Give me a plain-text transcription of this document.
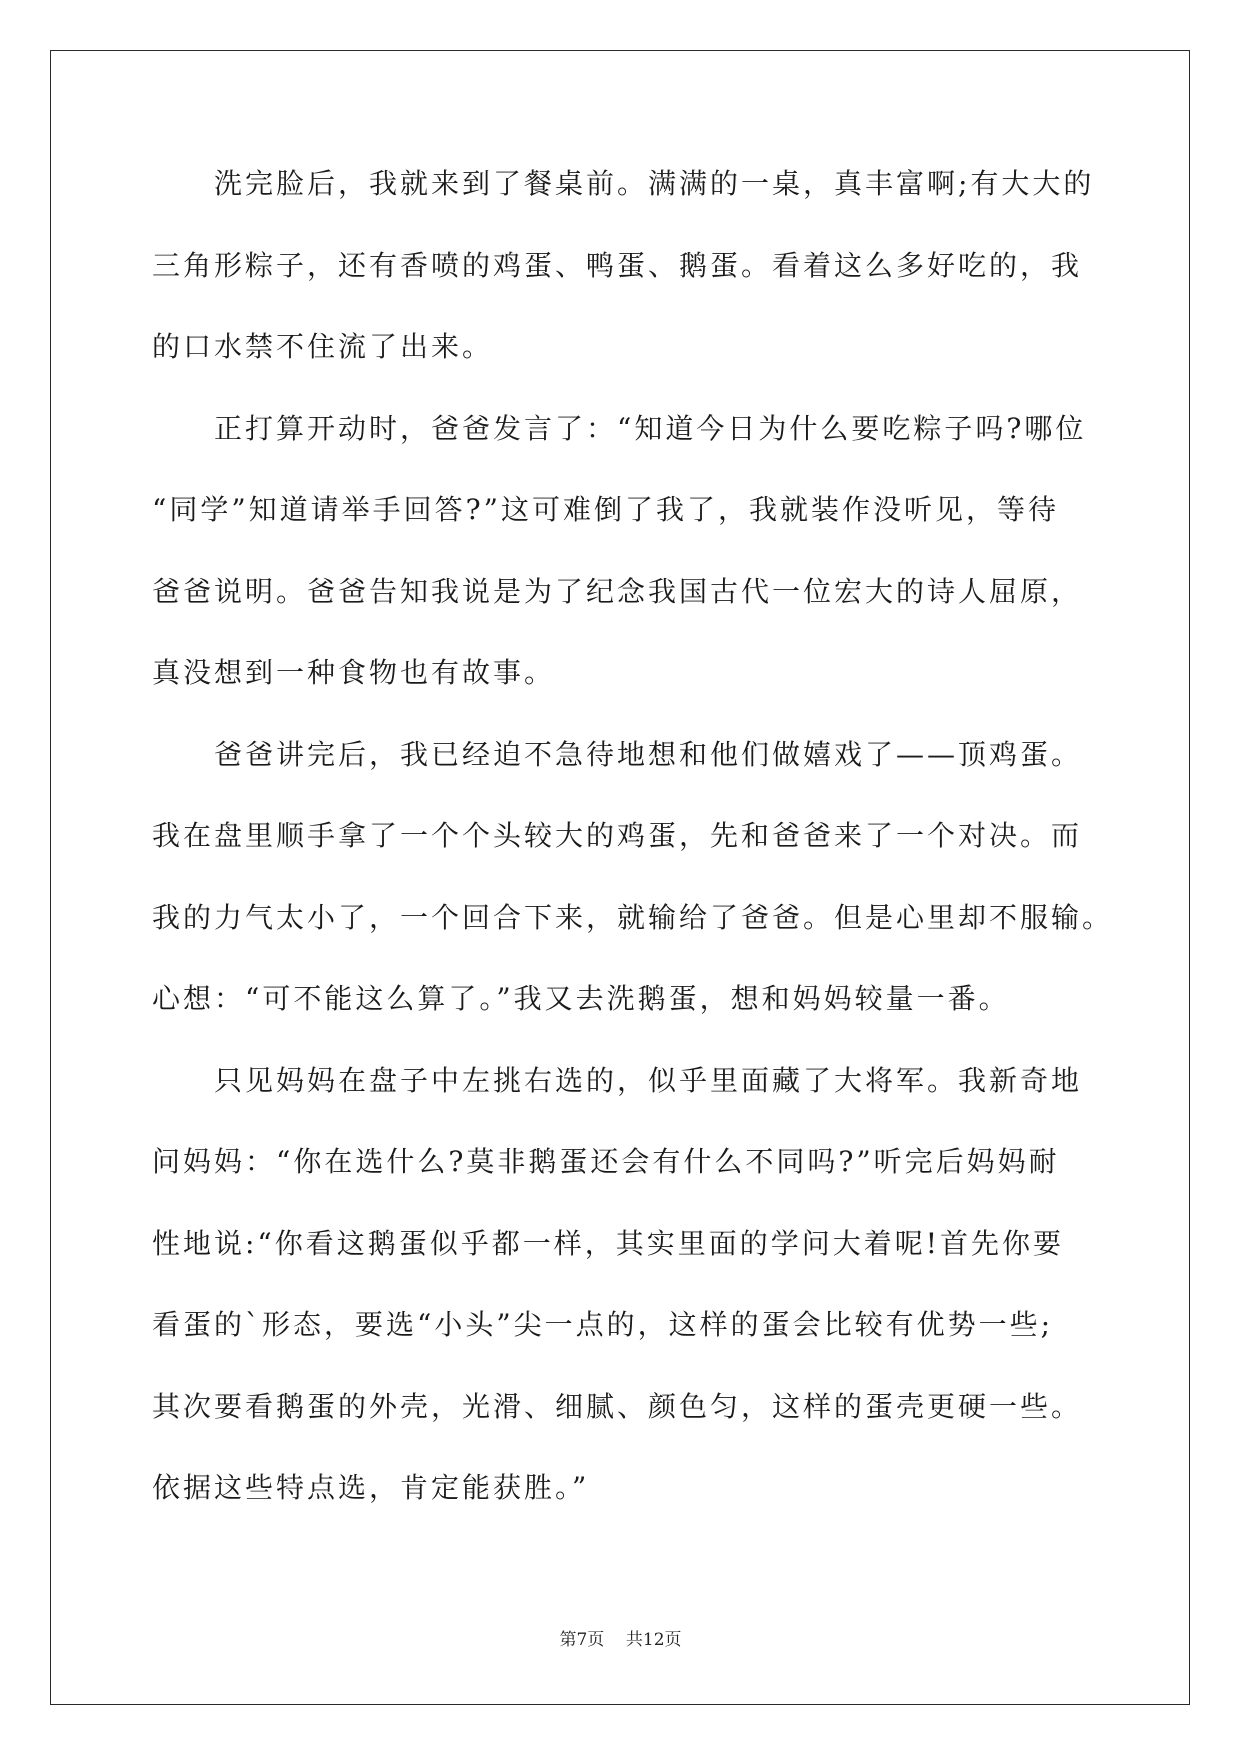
洗完脸后，我就来到了餐桌前。满满的一桌，真丰富啊;有大大的
三角形粽子，还有香喷的鸡蛋、鸭蛋、鹅蛋。看着这么多好吃的，我
的口水禁不住流了出来。
正打算开动时，爸爸发言了：“知道今日为什么要吃粽子吗?哪位
“同学”知道请举手回答?”这可难倒了我了，我就装作没听见，等待
爸爸说明。爸爸告知我说是为了纪念我国古代一位宏大的诗人屈原，
真没想到一种食物也有故事。
爸爸讲完后，我已经迫不急待地想和他们做嬉戏了——顶鸡蛋。
我在盘里顺手拿了一个个头较大的鸡蛋，先和爸爸来了一个对决。而
我的力气太小了，一个回合下来，就输给了爸爸。但是心里却不服输。
心想：“可不能这么算了。”我又去洗鹅蛋，想和妈妈较量一番。
只见妈妈在盘子中左挑右选的，似乎里面藏了大将军。我新奇地
问妈妈：“你在选什么?莫非鹅蛋还会有什么不同吗?”听完后妈妈耐
性地说:“你看这鹅蛋似乎都一样，其实里面的学问大着呢!首先你要
看蛋的`形态，要选“小头”尖一点的，这样的蛋会比较有优势一些;
其次要看鹅蛋的外壳，光滑、细腻、颜色匀，这样的蛋壳更硬一些。
依据这些特点选，肯定能获胜。”
第7页 共12页
